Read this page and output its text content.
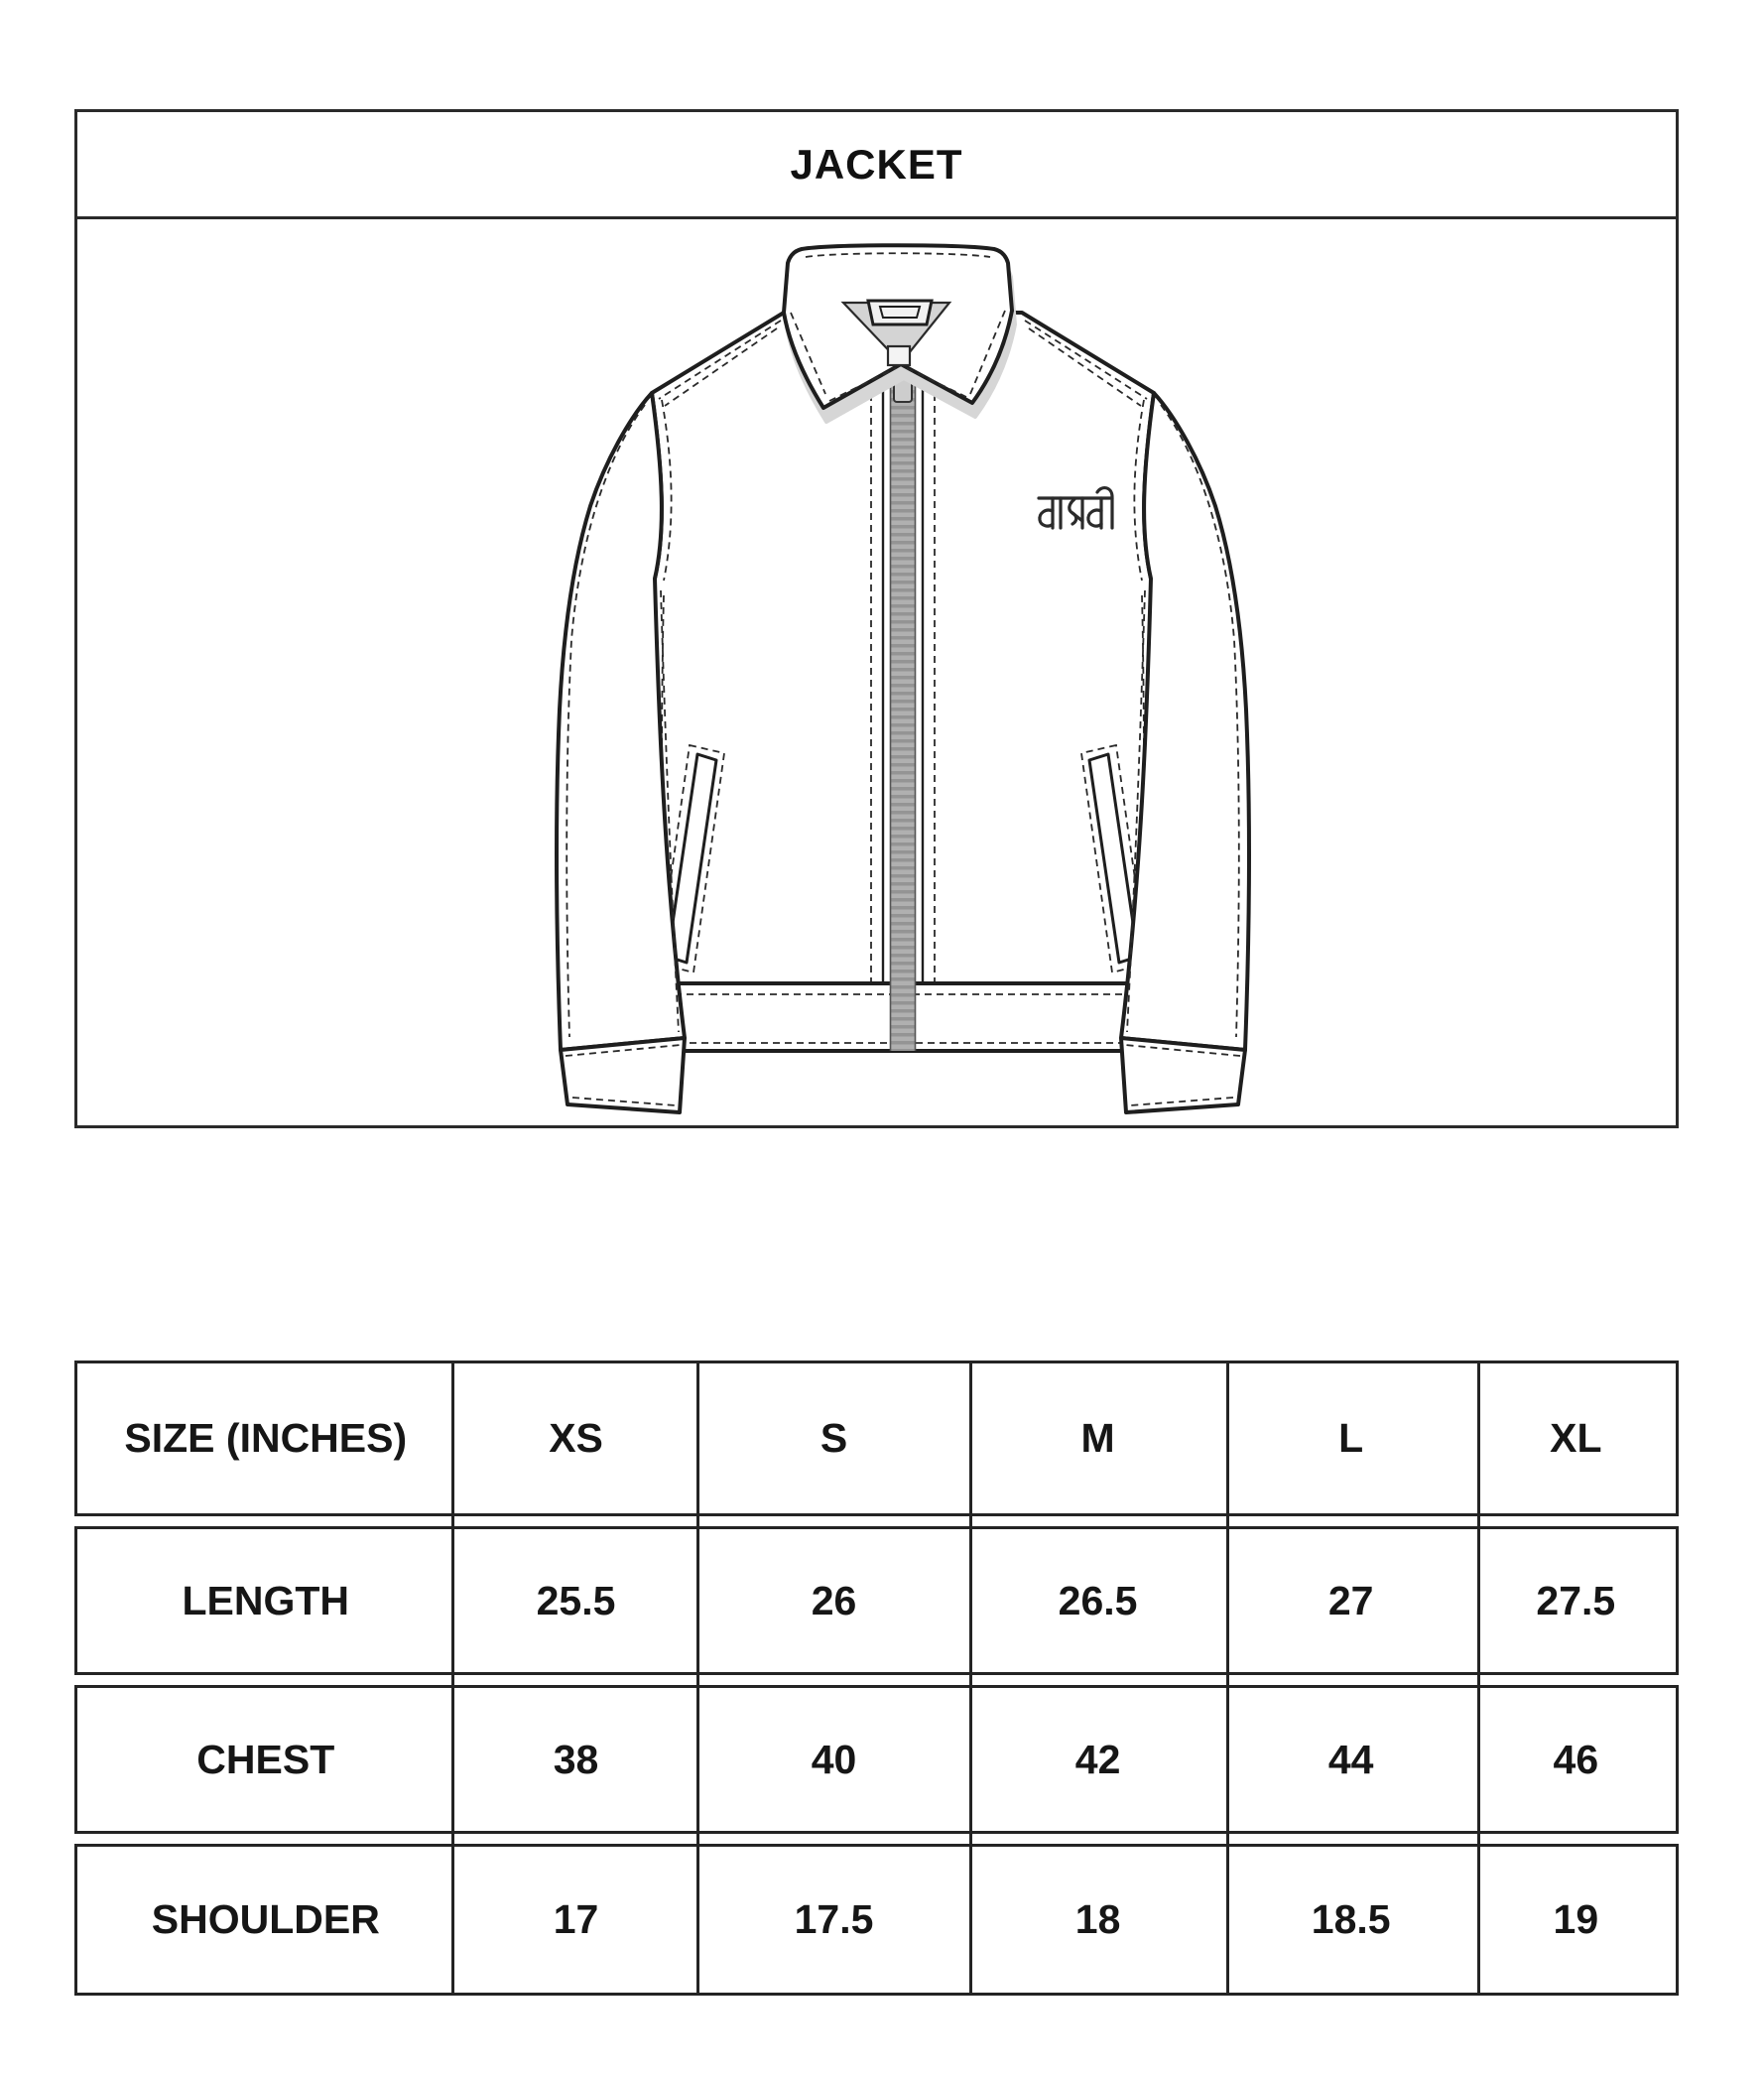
JACKET
SIZE (INCHES)	XS	S	M	L	XL
LENGTH	25.5	26	26.5	27	27.5
CHEST	38	40	42	44	46
SHOULDER	17	17.5	18	18.5	19
